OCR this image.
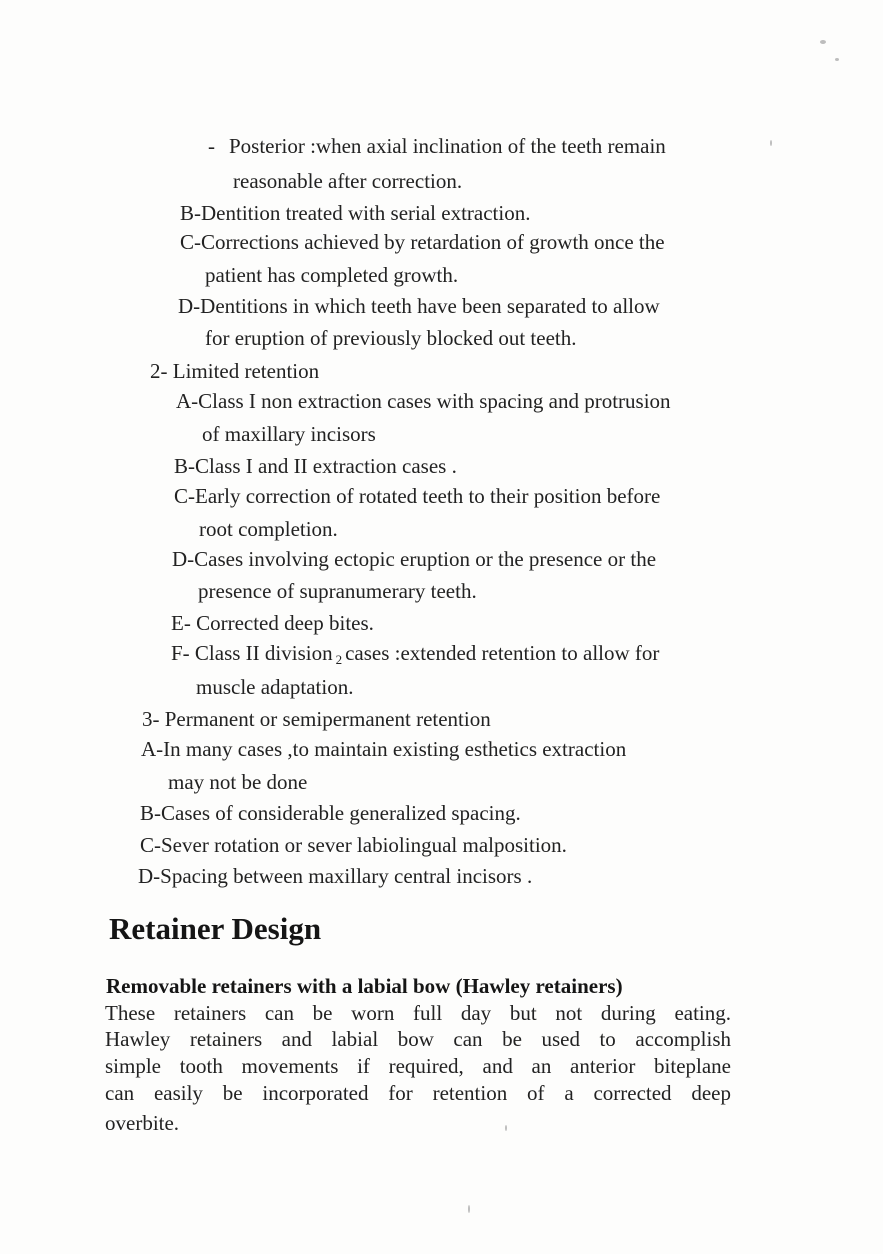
- Posterior :when axial inclination of the teeth remain
reasonable after correction.
B-Dentition treated with serial extraction.
C-Corrections achieved by retardation of growth once the
patient has completed growth.
D-Dentitions in which teeth have been separated to allow
for eruption of previously blocked out teeth.
2- Limited retention
A-Class I non extraction cases with spacing and protrusion
of maxillary incisors
B-Class I and II extraction cases .
C-Early correction of rotated teeth to their position before
root completion.
D-Cases involving ectopic eruption or the presence or the
presence of supranumerary teeth.
E- Corrected deep bites.
F- Class II division $_2$ cases :extended retention to allow for
muscle adaptation.
3- Permanent or semipermanent retention
A-In many cases ,to maintain existing esthetics extraction
may not be done
B-Cases of considerable generalized spacing.
C-Sever rotation or sever labiolingual malposition.
D-Spacing between maxillary central incisors .
Retainer Design
Removable retainers with a labial bow (Hawley retainers)
These retainers can be worn full day but not during eating.
Hawley retainers and labial bow can be used to accomplish
simple tooth movements if required, and an anterior biteplane
can easily be incorporated for retention of a corrected deep
overbite.
